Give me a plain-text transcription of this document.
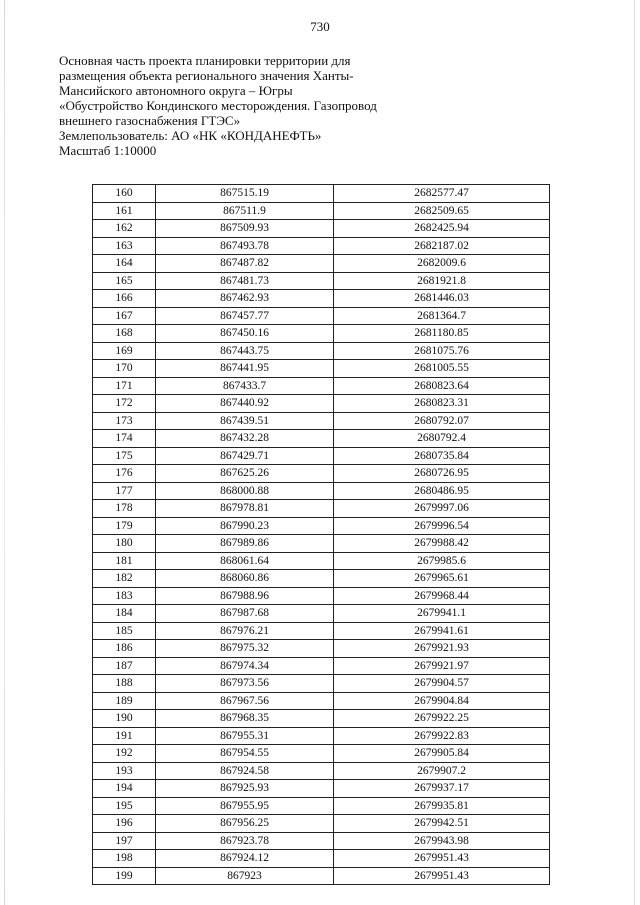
730
Основная часть проекта планировки территории для
размещения объекта регионального значения Ханты-
Мансийского автономного округа – Югры
«Обустройство Кондинского месторождения. Газопровод
внешнего газоснабжения ГТЭС»
Землепользователь: АО «НК «КОНДАНЕФТЬ»
Масштаб 1:10000
160	867515.19	2682577.47
161	867511.9	2682509.65
162	867509.93	2682425.94
163	867493.78	2682187.02
164	867487.82	2682009.6
165	867481.73	2681921.8
166	867462.93	2681446.03
167	867457.77	2681364.7
168	867450.16	2681180.85
169	867443.75	2681075.76
170	867441.95	2681005.55
171	867433.7	2680823.64
172	867440.92	2680823.31
173	867439.51	2680792.07
174	867432.28	2680792.4
175	867429.71	2680735.84
176	867625.26	2680726.95
177	868000.88	2680486.95
178	867978.81	2679997.06
179	867990.23	2679996.54
180	867989.86	2679988.42
181	868061.64	2679985.6
182	868060.86	2679965.61
183	867988.96	2679968.44
184	867987.68	2679941.1
185	867976.21	2679941.61
186	867975.32	2679921.93
187	867974.34	2679921.97
188	867973.56	2679904.57
189	867967.56	2679904.84
190	867968.35	2679922.25
191	867955.31	2679922.83
192	867954.55	2679905.84
193	867924.58	2679907.2
194	867925.93	2679937.17
195	867955.95	2679935.81
196	867956.25	2679942.51
197	867923.78	2679943.98
198	867924.12	2679951.43
199	867923	2679951.43
